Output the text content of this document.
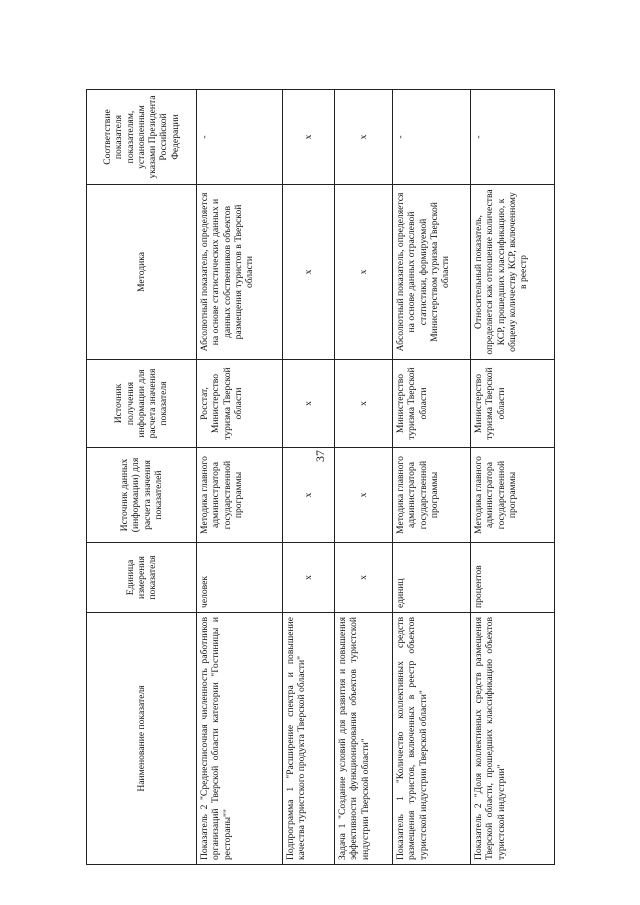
37
Наименование показателя	Единица измерения показателя	Источник данных (информации) для расчета значения показателей	Источник получения информации для расчета значения показателя	Методика	Соответствие показателя показателям, установленным указами Президента Российской Федерации
Показатель 2 "Среднесписочная численность работников организаций Тверской области категории "Гостиницы и рестораны""	человек	Методика главного администратора государственной программы	Росстат, Министерство туризма Тверской области	Абсолютный показатель, определяется на основе статистических данных и данных собственников объектов размещения туристов в Тверской области	-
Подпрограмма 1 "Расширение спектра и повышение качества туристского продукта Тверской области"	х	х	х	х	х
Задача 1 "Создание условий для развития и повышения эффективности функционирования объектов туристской индустрии Тверской области"	х	х	х	х	х
Показатель 1 "Количество коллективных средств размещения туристов, включенных в реестр объектов туристской индустрии Тверской области"	единиц	Методика главного администратора государственной программы	Министерство туризма Тверской области	Абсолютный показатель, определяется на основе данных отраслевой статистики, формируемой Министерством туризма Тверской области	-
Показатель 2 "Доля коллективных средств размещения Тверской области, прошедших классификацию объектов туристской индустрии"	процентов	Методика главного администратора государственной программы	Министерство туризма Тверской области	Относительный показатель, определяется как отношение количества КСР, прошедших классификацию, к общему количеству КСР, включенному в реестр	-
